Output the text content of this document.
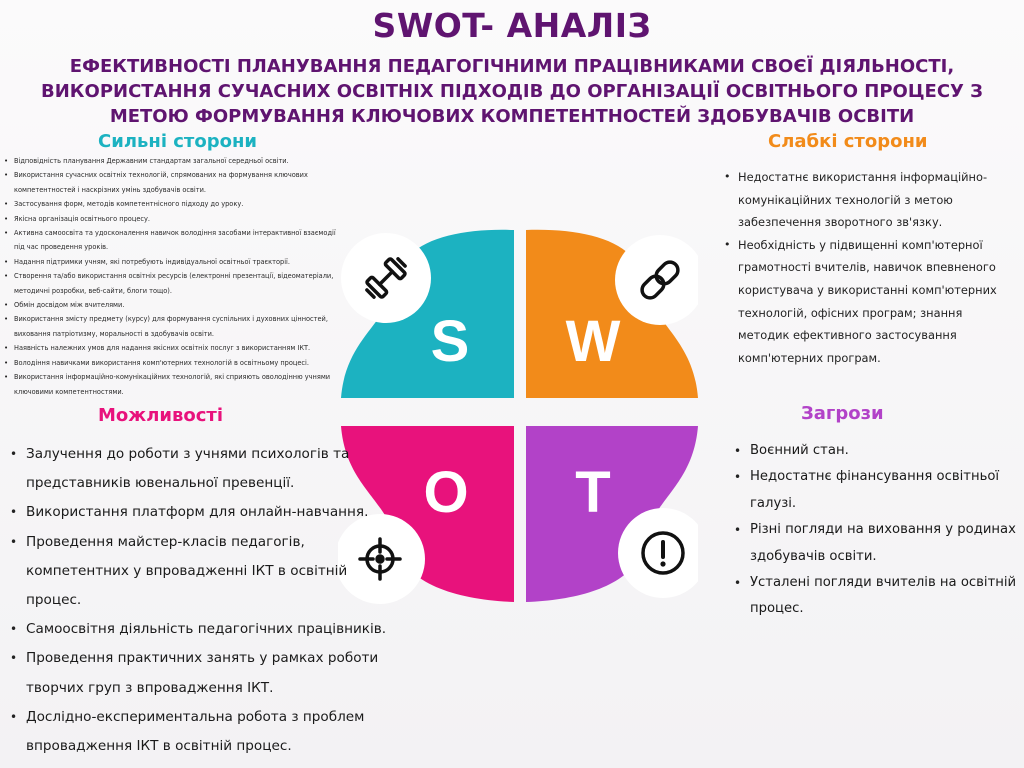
SWOT- АНАЛІЗ
ЕФЕКТИВНОСТІ ПЛАНУВАННЯ ПЕДАГОГІЧНИМИ ПРАЦІВНИКАМИ СВОЄЇ ДІЯЛЬНОСТІ, ВИКОРИСТАННЯ СУЧАСНИХ ОСВІТНІХ ПІДХОДІВ ДО ОРГАНІЗАЦІЇ ОСВІТНЬОГО ПРОЦЕСУ З МЕТОЮ ФОРМУВАННЯ КЛЮЧОВИХ КОМПЕТЕНТНОСТЕЙ ЗДОБУВАЧІВ ОСВІТИ
Сильні сторони	Слабкі сторони
Можливості	Загрози
• Відповідність планування Державним стандартам загальної середньої освіти.
• Використання сучасних освітніх технологій, спрямованих на формування ключових компетентностей і наскрізних умінь здобувачів освіти.
• Застосування форм, методів компетентнісного підходу до уроку.
• Якісна організація освітнього процесу.
• Активна самоосвіта та удосконалення навичок володіння засобами інтерактивної взаємодії під час проведення уроків.
• Надання підтримки учням, які потребують індивідуальної освітньої траєкторії.
• Створення та/або використання освітніх ресурсів (електронні презентації, відеоматеріали, методичні розробки, веб-сайти, блоги тощо).
• Обмін досвідом між вчителями.
• Використання змісту предмету (курсу) для формування суспільних і духовних цінностей, виховання патріотизму, моральності в здобувачів освіти.
• Наявність належних умов для надання якісних освітніх послуг з використанням ІКТ.
• Володіння навичками використання комп'ютерних технологій в освітньому процесі.
• Використання інформаційно-комунікаційних технологій, які сприяють оволодінню учнями ключовими компетентностями.
• Недостатнє використання інформаційно-комунікаційних технологій з метою забезпечення зворотного зв'язку.
• Необхідність у підвищенні комп'ютерної грамотності вчителів, навичок впевненого користувача у використанні комп'ютерних технологій, офісних програм; знання методик ефективного застосування комп'ютерних програм.
• Залучення до роботи з учнями психологів та представників ювенальної превенції.
• Використання платформ для онлайн-навчання.
• Проведення майстер-класів педагогів, компетентних у впровадженні ІКТ в освітній процес.
• Самоосвітня діяльність педагогічних працівників.
• Проведення практичних занять у рамках роботи творчих груп з впровадження ІКТ.
• Дослідно-експериментальна робота з проблем впровадження ІКТ в освітній процес.
• Воєнний стан.
• Недостатнє фінансування освітньої галузі.
• Різні погляди на виховання у родинах здобувачів освіти.
• Усталені погляди вчителів на освітній процес.
S W
O T
